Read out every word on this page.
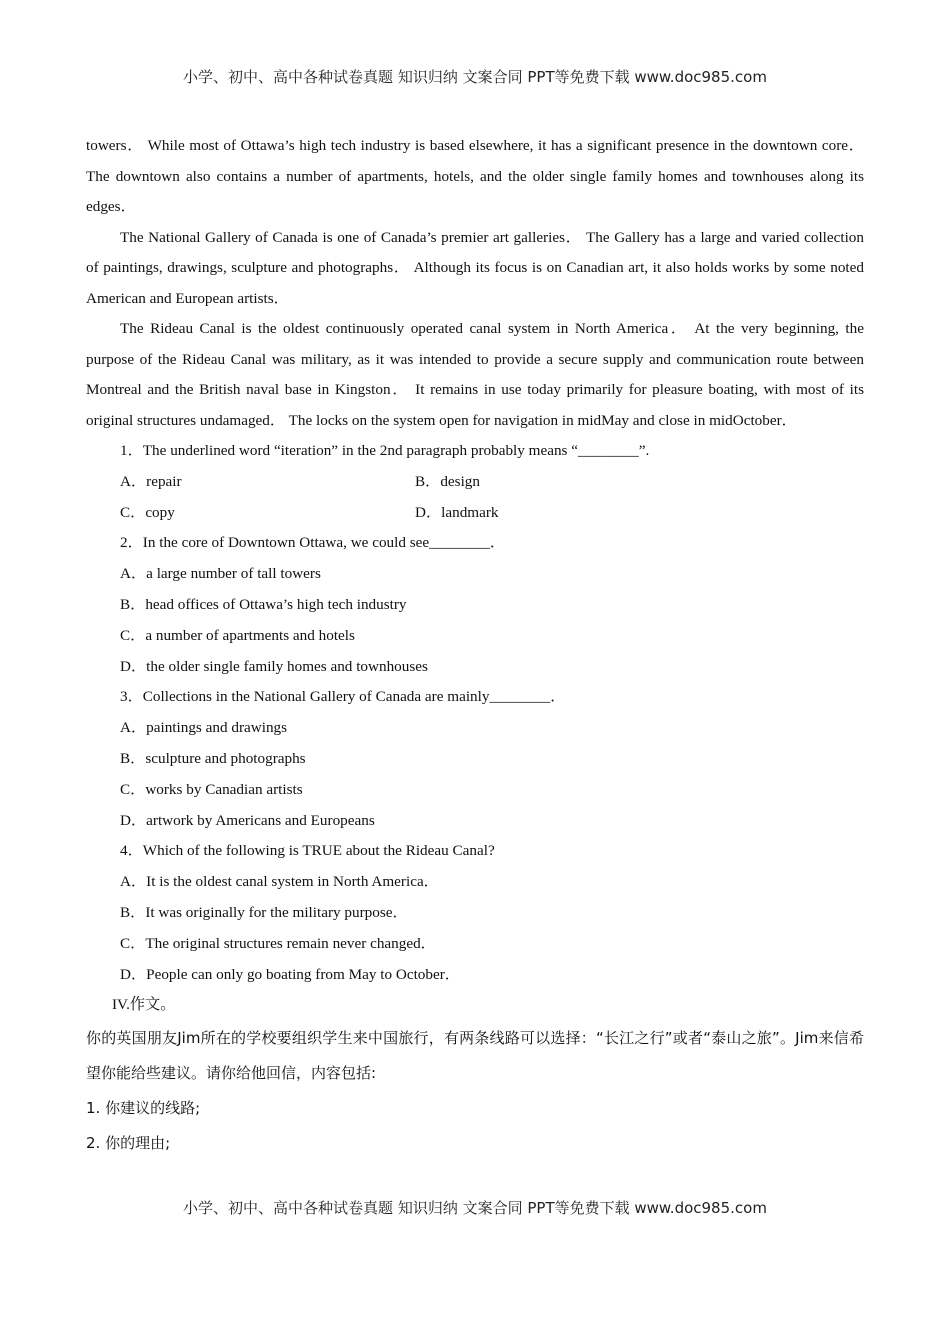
小学、初中、高中各种试卷真题 知识归纳 文案合同 PPT等免费下载 www.doc985.com

towers． While most of Ottawa’s high tech industry is based elsewhere, it has a significant presence in the downtown core． The downtown also contains a number of apartments, hotels, and the older single family homes and townhouses along its edges．

The National Gallery of Canada is one of Canada’s premier art galleries． The Gallery has a large and varied collection of paintings, drawings, sculpture and photographs． Although its focus is on Canadian art, it also holds works by some noted American and European artists．

The Rideau Canal is the oldest continuously operated canal system in North America． At the very beginning, the purpose of the Rideau Canal was military, as it was intended to provide a secure supply and communication route between Montreal and the British naval base in Kingston． It remains in use today primarily for pleasure boating, with most of its original structures undamaged． The locks on the system open for navigation in midMay and close in midOctober．

1．The underlined word “iteration” in the 2nd paragraph probably means “________”.

A．repair	B．design
C．copy	D．landmark

2．In the core of Downtown Ottawa, we could see________．

A．a large number of tall towers

B．head offices of Ottawa’s high tech industry

C．a number of apartments and hotels

D．the older single family homes and townhouses

3．Collections in the National Gallery of Canada are mainly________．

A．paintings and drawings

B．sculpture and photographs

C．works by Canadian artists

D．artwork by Americans and Europeans

4．Which of the following is TRUE about the Rideau Canal?

A．It is the oldest canal system in North America．

B．It was originally for the military purpose．

C．The original structures remain never changed．

D．People can only go boating from May to October．

IV.作文。

你的英国朋友Jim所在的学校要组织学生来中国旅行，有两条线路可以选择：“长江之行”或者“泰山之旅”。Jim来信希望你能给些建议。请你给他回信，内容包括:

1. 你建议的线路;

2. 你的理由;

小学、初中、高中各种试卷真题 知识归纳 文案合同 PPT等免费下载 www.doc985.com
